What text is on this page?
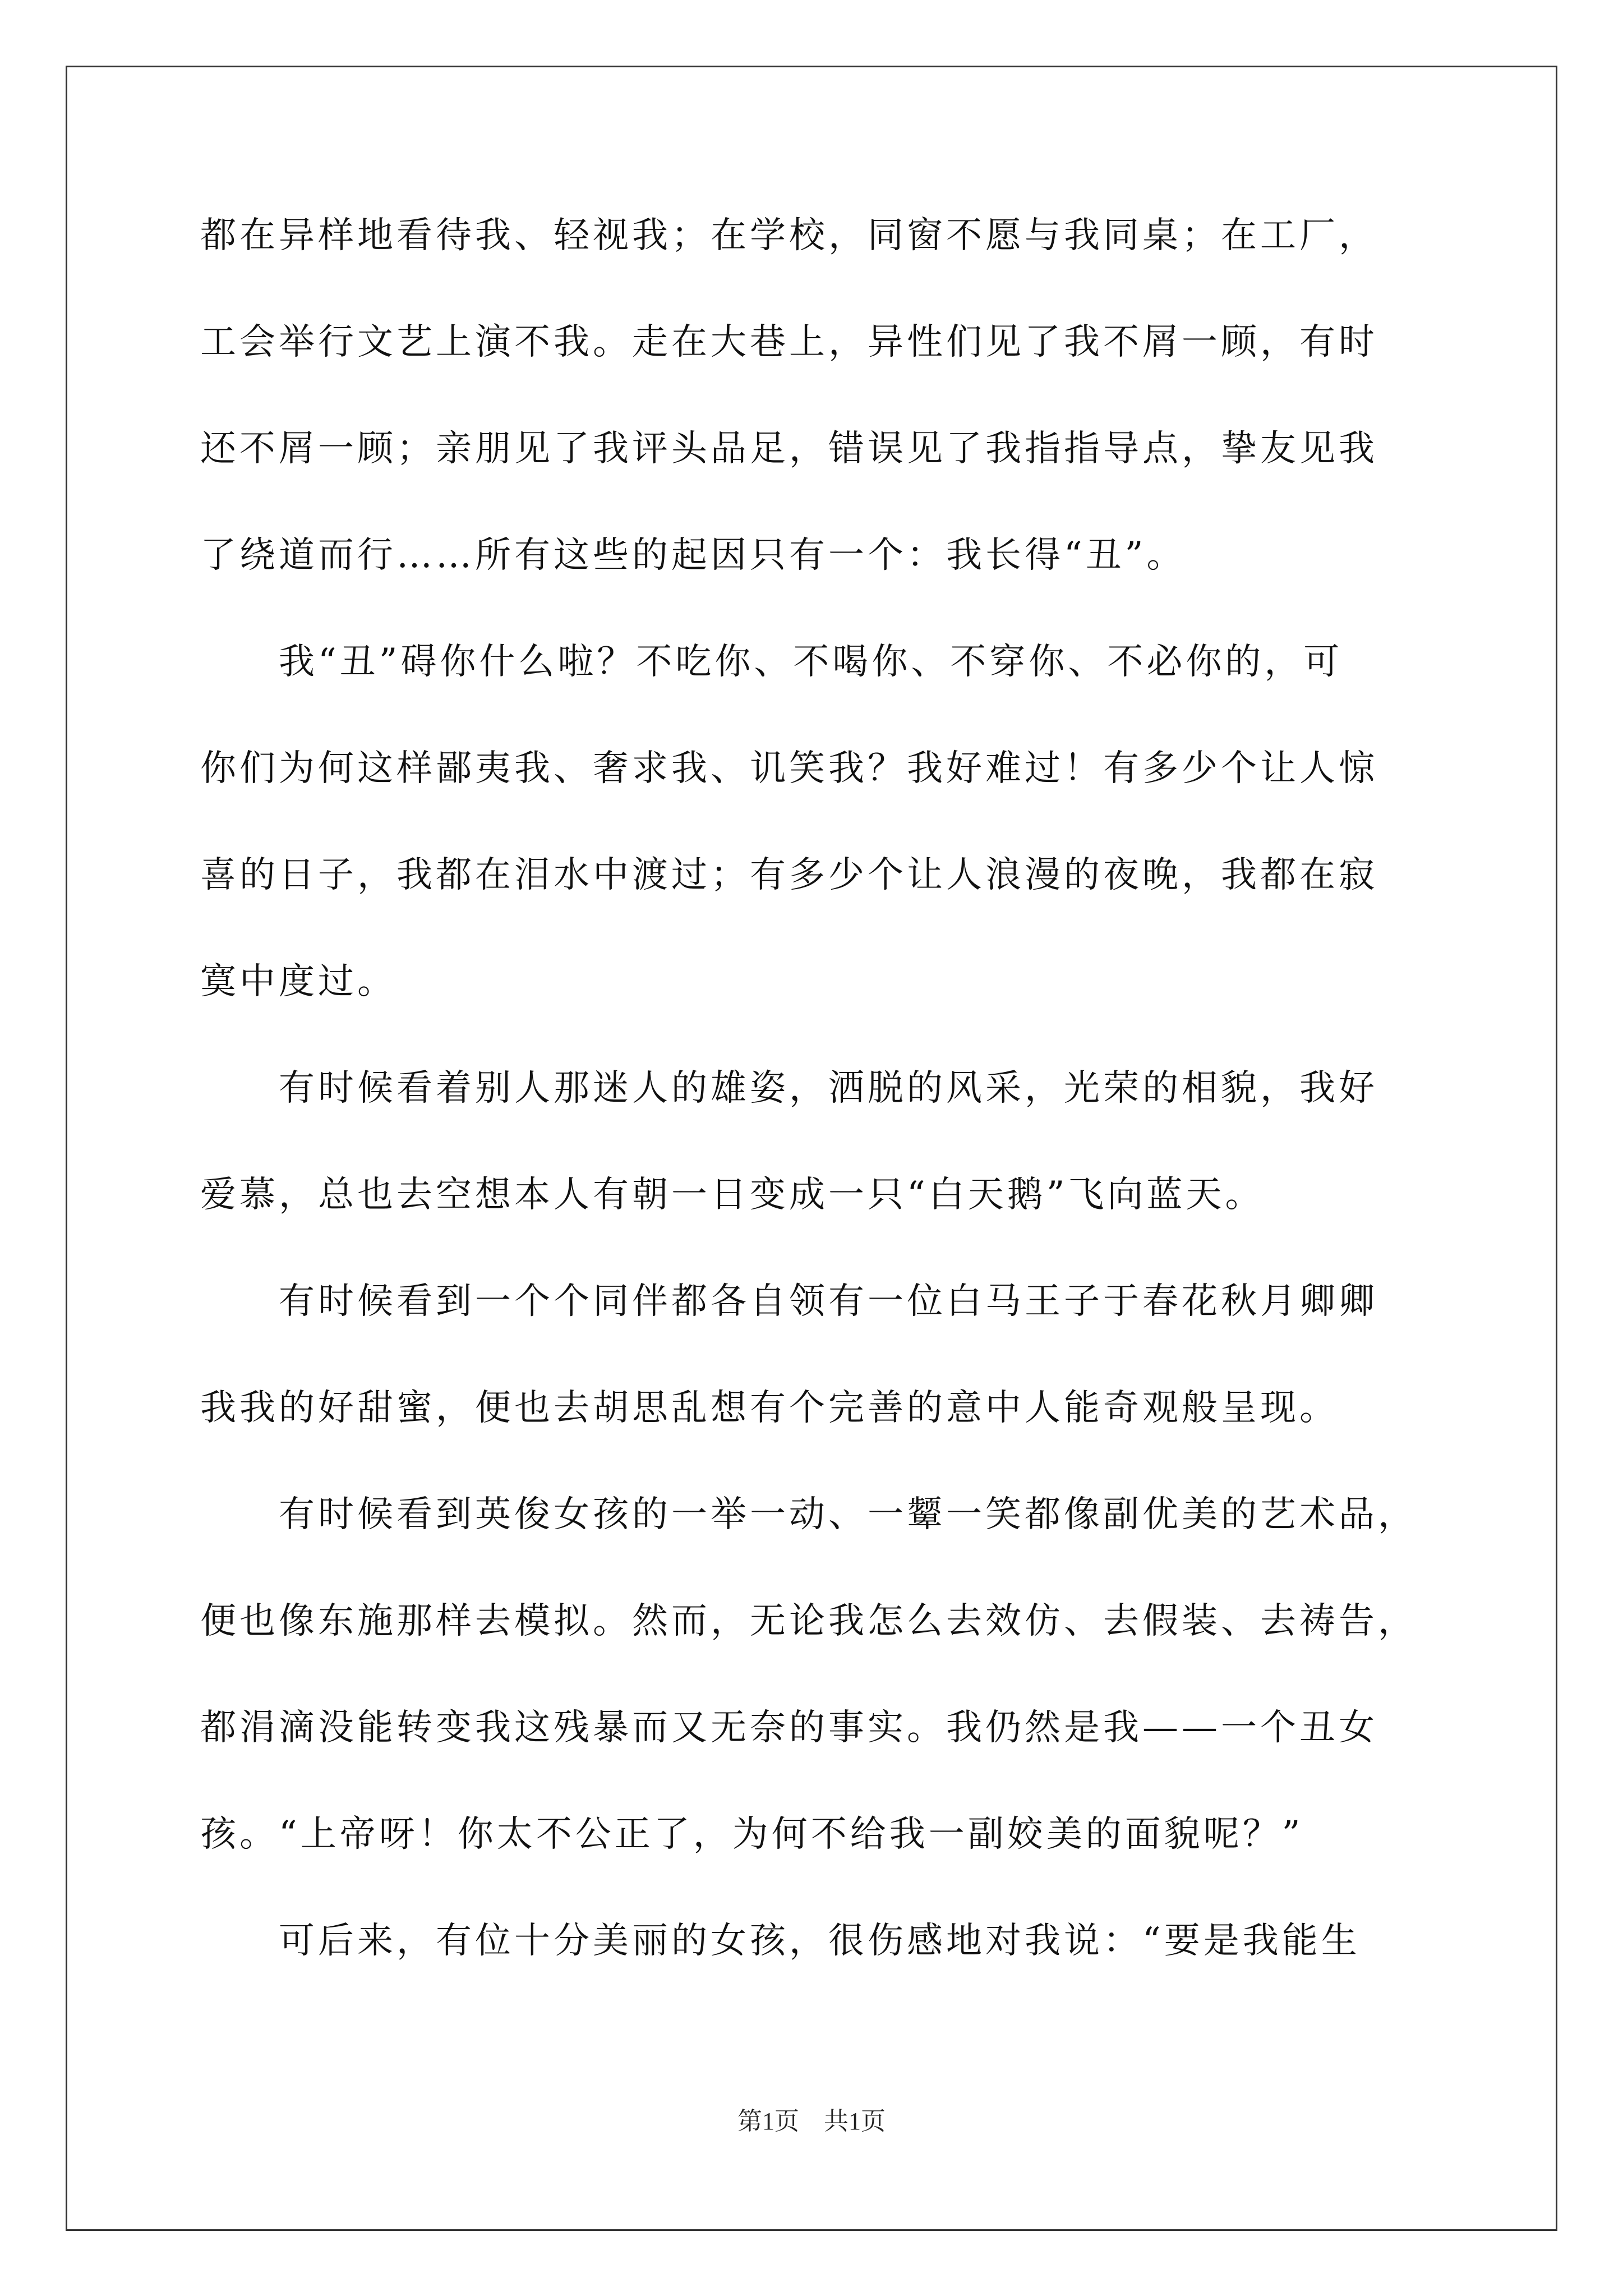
都在异样地看待我、轻视我；在学校，同窗不愿与我同桌；在工厂，
工会举行文艺上演不我。走在大巷上，异性们见了我不屑一顾，有时
还不屑一顾；亲朋见了我评头品足，错误见了我指指导点，挚友见我
了绕道而行……所有这些的起因只有一个：我长得“丑”。
我“丑”碍你什么啦？不吃你、不喝你、不穿你、不必你的，可
你们为何这样鄙夷我、奢求我、讥笑我？我好难过！有多少个让人惊
喜的日子，我都在泪水中渡过；有多少个让人浪漫的夜晚，我都在寂
寞中度过。
有时候看着别人那迷人的雄姿，洒脱的风采，光荣的相貌，我好
爱慕，总也去空想本人有朝一日变成一只“白天鹅”飞向蓝天。
有时候看到一个个同伴都各自领有一位白马王子于春花秋月卿卿
我我的好甜蜜，便也去胡思乱想有个完善的意中人能奇观般呈现。
有时候看到英俊女孩的一举一动、一颦一笑都像副优美的艺术品，
便也像东施那样去模拟。然而，无论我怎么去效仿、去假装、去祷告，
都涓滴没能转变我这残暴而又无奈的事实。我仍然是我——一个丑女
孩。“上帝呀！你太不公正了，为何不给我一副姣美的面貌呢？”
可后来，有位十分美丽的女孩，很伤感地对我说：“要是我能生
第1页　共1页
